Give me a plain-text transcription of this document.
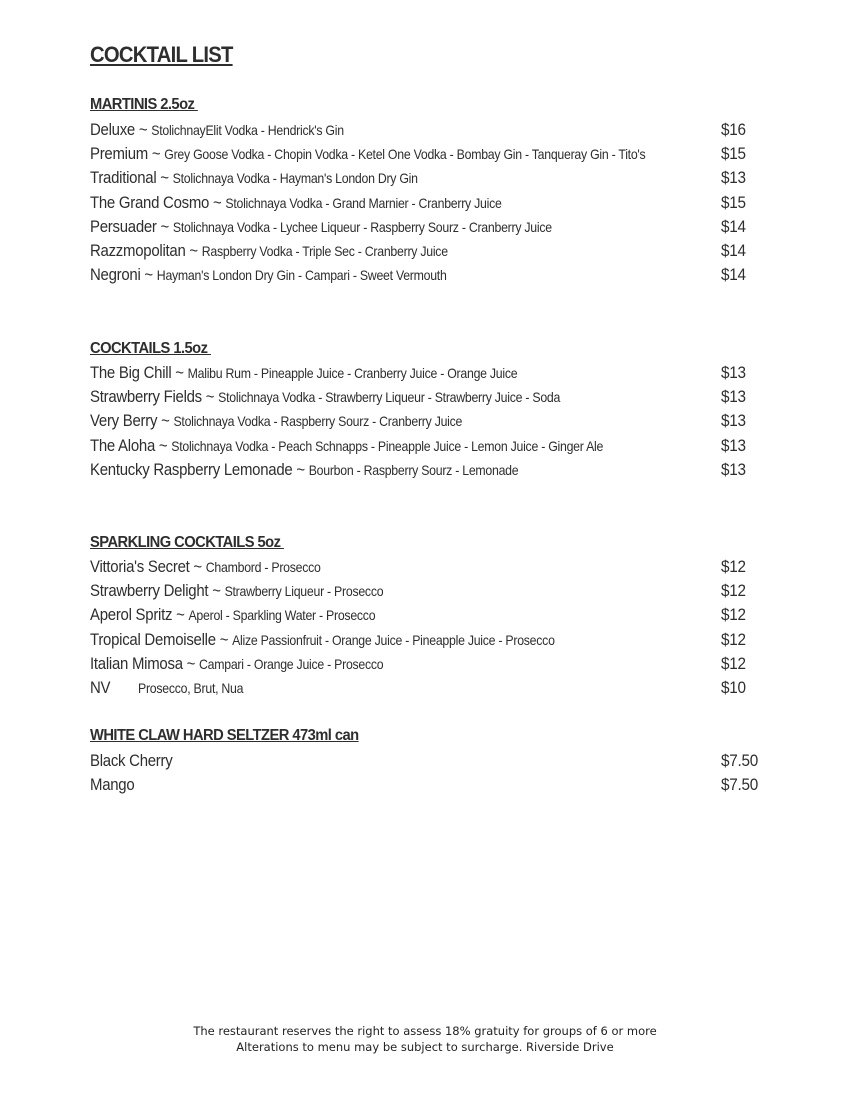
COCKTAIL LIST
MARTINIS 2.5oz
Deluxe ~ StolichnayElit Vodka - Hendrick's Gin	$16
Premium ~ Grey Goose Vodka - Chopin Vodka - Ketel One Vodka - Bombay Gin - Tanqueray Gin - Tito's	$15
Traditional ~ Stolichnaya Vodka - Hayman's London Dry Gin	$13
The Grand Cosmo ~ Stolichnaya Vodka - Grand Marnier - Cranberry Juice	$15
Persuader ~ Stolichnaya Vodka - Lychee Liqueur - Raspberry Sourz - Cranberry Juice	$14
Razzmopolitan ~ Raspberry Vodka - Triple Sec - Cranberry Juice	$14
Negroni ~ Hayman's London Dry Gin - Campari - Sweet Vermouth	$14
COCKTAILS 1.5oz
The Big Chill ~ Malibu Rum - Pineapple Juice - Cranberry Juice - Orange Juice	$13
Strawberry Fields ~ Stolichnaya Vodka - Strawberry Liqueur - Strawberry Juice - Soda	$13
Very Berry ~ Stolichnaya Vodka - Raspberry Sourz - Cranberry Juice	$13
The Aloha ~ Stolichnaya Vodka - Peach Schnapps - Pineapple Juice - Lemon Juice - Ginger Ale	$13
Kentucky Raspberry Lemonade ~ Bourbon - Raspberry Sourz - Lemonade	$13
SPARKLING COCKTAILS 5oz
Vittoria's Secret ~ Chambord - Prosecco	$12
Strawberry Delight ~ Strawberry Liqueur - Prosecco	$12
Aperol Spritz ~ Aperol - Sparkling Water - Prosecco	$12
Tropical Demoiselle ~ Alize Passionfruit - Orange Juice - Pineapple Juice - Prosecco	$12
Italian Mimosa ~ Campari - Orange Juice - Prosecco	$12
NV Prosecco, Brut, Nua	$10
WHITE CLAW HARD SELTZER 473ml can
Black Cherry	$7.50
Mango	$7.50
The restaurant reserves the right to assess 18% gratuity for groups of 6 or more
Alterations to menu may be subject to surcharge. Riverside Drive
